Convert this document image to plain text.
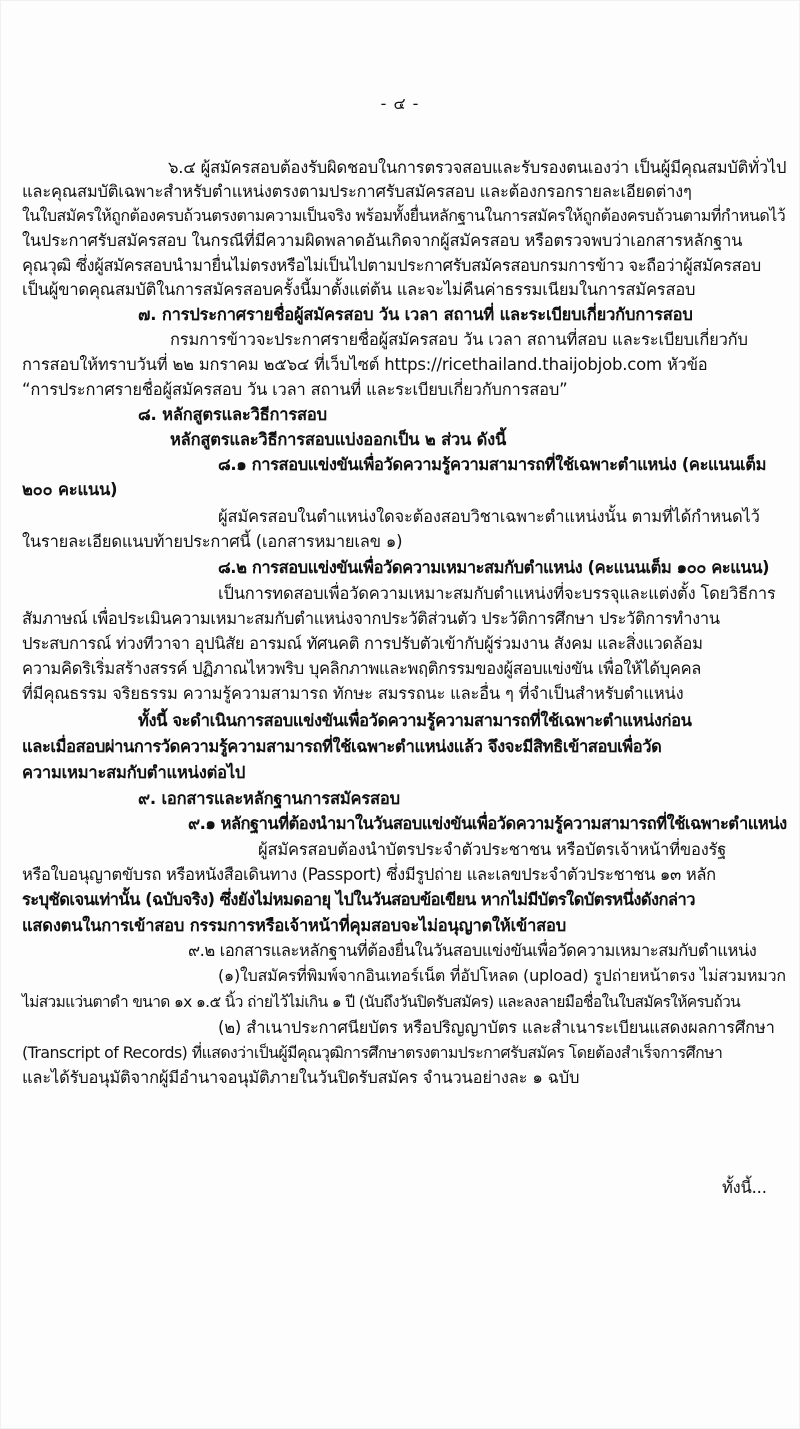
- ๔ -
๖.๔ ผู้สมัครสอบต้องรับผิดชอบในการตรวจสอบและรับรองตนเองว่า เป็นผู้มีคุณสมบัติทั่วไป
และคุณสมบัติเฉพาะสำหรับตำแหน่งตรงตามประกาศรับสมัครสอบ และต้องกรอกรายละเอียดต่างๆ
ในใบสมัครให้ถูกต้องครบถ้วนตรงตามความเป็นจริง พร้อมทั้งยื่นหลักฐานในการสมัครให้ถูกต้องครบถ้วนตามที่กำหนดไว้
ในประกาศรับสมัครสอบ ในกรณีที่มีความผิดพลาดอันเกิดจากผู้สมัครสอบ หรือตรวจพบว่าเอกสารหลักฐาน
คุณวุฒิ ซึ่งผู้สมัครสอบนำมายื่นไม่ตรงหรือไม่เป็นไปตามประกาศรับสมัครสอบกรมการข้าว จะถือว่าผู้สมัครสอบ
เป็นผู้ขาดคุณสมบัติในการสมัครสอบครั้งนี้มาตั้งแต่ต้น และจะไม่คืนค่าธรรมเนียมในการสมัครสอบ
๗. การประกาศรายชื่อผู้สมัครสอบ วัน เวลา สถานที่ และระเบียบเกี่ยวกับการสอบ
กรมการข้าวจะประกาศรายชื่อผู้สมัครสอบ วัน เวลา สถานที่สอบ และระเบียบเกี่ยวกับ
การสอบให้ทราบวันที่ ๒๒ มกราคม ๒๕๖๔ ที่เว็บไซต์ https://ricethailand.thaijobjob.com หัวข้อ
“การประกาศรายชื่อผู้สมัครสอบ วัน เวลา สถานที่ และระเบียบเกี่ยวกับการสอบ”
๘. หลักสูตรและวิธีการสอบ
หลักสูตรและวิธีการสอบแบ่งออกเป็น ๒ ส่วน ดังนี้
๘.๑ การสอบแข่งขันเพื่อวัดความรู้ความสามารถที่ใช้เฉพาะตำแหน่ง (คะแนนเต็ม
๒๐๐ คะแนน)
ผู้สมัครสอบในตำแหน่งใดจะต้องสอบวิชาเฉพาะตำแหน่งนั้น ตามที่ได้กำหนดไว้
ในรายละเอียดแนบท้ายประกาศนี้ (เอกสารหมายเลข ๑)
๘.๒ การสอบแข่งขันเพื่อวัดความเหมาะสมกับตำแหน่ง (คะแนนเต็ม ๑๐๐ คะแนน)
เป็นการทดสอบเพื่อวัดความเหมาะสมกับตำแหน่งที่จะบรรจุและแต่งตั้ง โดยวิธีการ
สัมภาษณ์ เพื่อประเมินความเหมาะสมกับตำแหน่งจากประวัติส่วนตัว ประวัติการศึกษา ประวัติการทำงาน
ประสบการณ์ ท่วงทีวาจา อุปนิสัย อารมณ์ ทัศนคติ การปรับตัวเข้ากับผู้ร่วมงาน สังคม และสิ่งแวดล้อม
ความคิดริเริ่มสร้างสรรค์ ปฏิภาณไหวพริบ บุคลิกภาพและพฤติกรรมของผู้สอบแข่งขัน เพื่อให้ได้บุคคล
ที่มีคุณธรรม จริยธรรม ความรู้ความสามารถ ทักษะ สมรรถนะ และอื่น ๆ ที่จำเป็นสำหรับตำแหน่ง
ทั้งนี้ จะดำเนินการสอบแข่งขันเพื่อวัดความรู้ความสามารถที่ใช้เฉพาะตำแหน่งก่อน
และเมื่อสอบผ่านการวัดความรู้ความสามารถที่ใช้เฉพาะตำแหน่งแล้ว จึงจะมีสิทธิเข้าสอบเพื่อวัด
ความเหมาะสมกับตำแหน่งต่อไป
๙. เอกสารและหลักฐานการสมัครสอบ
๙.๑ หลักฐานที่ต้องนำมาในวันสอบแข่งขันเพื่อวัดความรู้ความสามารถที่ใช้เฉพาะตำแหน่ง
ผู้สมัครสอบต้องนำบัตรประจำตัวประชาชน หรือบัตรเจ้าหน้าที่ของรัฐ
หรือใบอนุญาตขับรถ หรือหนังสือเดินทาง (Passport) ซึ่งมีรูปถ่าย และเลขประจำตัวประชาชน ๑๓ หลัก
ระบุชัดเจนเท่านั้น (ฉบับจริง) ซึ่งยังไม่หมดอายุ ไปในวันสอบข้อเขียน หากไม่มีบัตรใดบัตรหนึ่งดังกล่าว
แสดงตนในการเข้าสอบ กรรมการหรือเจ้าหน้าที่คุมสอบจะไม่อนุญาตให้เข้าสอบ
๙.๒ เอกสารและหลักฐานที่ต้องยื่นในวันสอบแข่งขันเพื่อวัดความเหมาะสมกับตำแหน่ง
(๑)ใบสมัครที่พิมพ์จากอินเทอร์เน็ต ที่อัปโหลด (upload) รูปถ่ายหน้าตรง ไม่สวมหมวก
ไม่สวมแว่นตาดำ ขนาด ๑x ๑.๕ นิ้ว ถ่ายไว้ไม่เกิน ๑ ปี (นับถึงวันปิดรับสมัคร) และลงลายมือชื่อในใบสมัครให้ครบถ้วน
(๒) สำเนาประกาศนียบัตร หรือปริญญาบัตร และสำเนาระเบียนแสดงผลการศึกษา
(Transcript of Records) ที่แสดงว่าเป็นผู้มีคุณวุฒิการศึกษาตรงตามประกาศรับสมัคร โดยต้องสำเร็จการศึกษา
และได้รับอนุมัติจากผู้มีอำนาจอนุมัติภายในวันปิดรับสมัคร จำนวนอย่างละ ๑ ฉบับ
ทั้งนี้...
